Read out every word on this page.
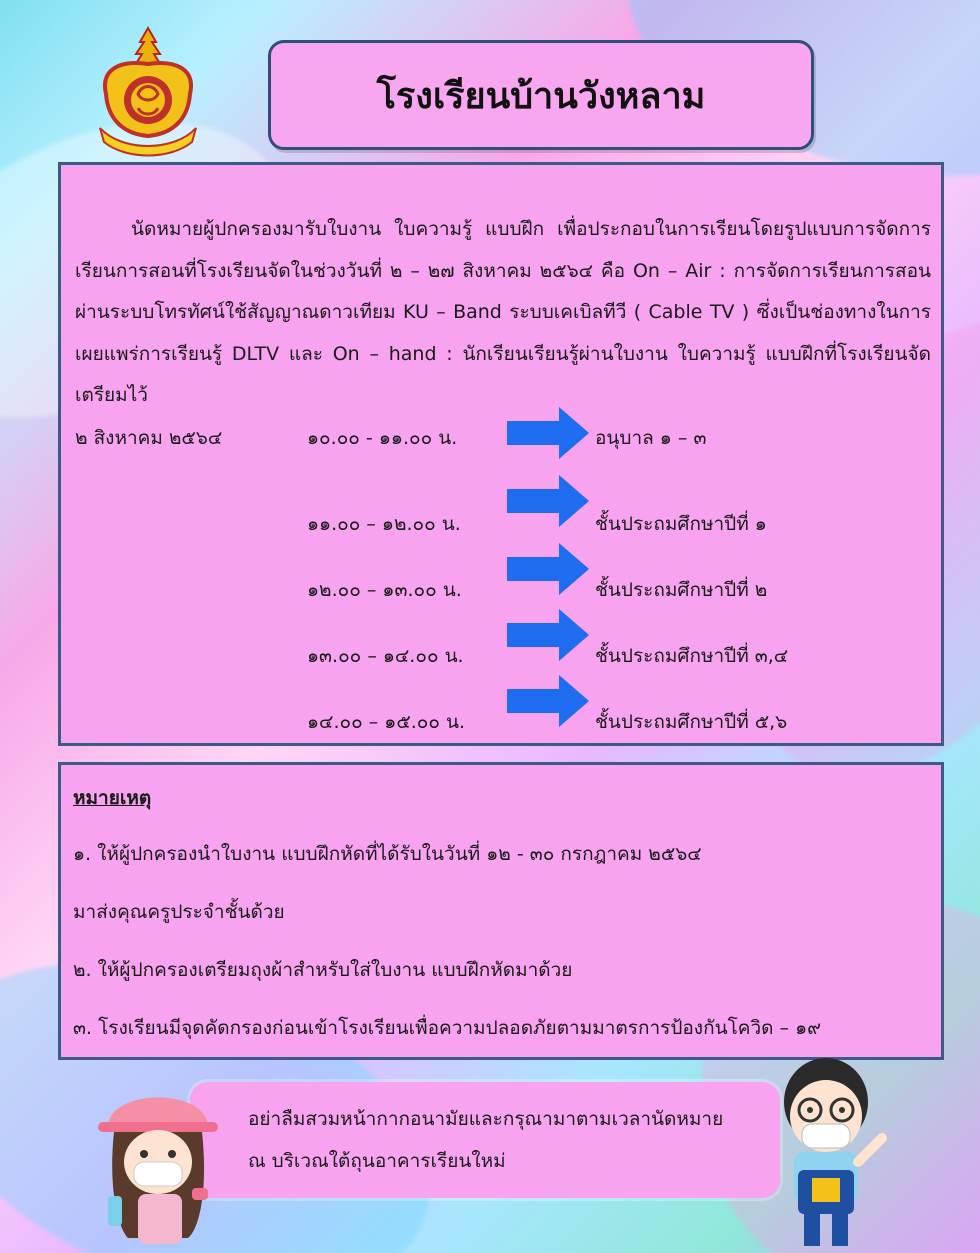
โรงเรียนบ้านวังหลาม

นัดหมายผู้ปกครองมารับใบงาน ใบความรู้ แบบฝึก เพื่อประกอบในการเรียนโดยรูปแบบการจัดการเรียนการสอนที่โรงเรียนจัดในช่วงวันที่ ๒ – ๒๗ สิงหาคม ๒๕๖๔ คือ On – Air : การจัดการเรียนการสอนผ่านระบบโทรทัศน์ใช้สัญญาณดาวเทียม KU – Band ระบบเคเบิลทีวี ( Cable TV ) ซึ่งเป็นช่องทางในการเผยแพร่การเรียนรู้ DLTV และ On – hand : นักเรียนเรียนรู้ผ่านใบงาน ใบความรู้ แบบฝึกที่โรงเรียนจัดเตรียมไว้

๒ สิงหาคม ๒๕๖๔	๑๐.๐๐ - ๑๑.๐๐ น.	อนุบาล ๑ – ๓
๑๑.๐๐ – ๑๒.๐๐ น.	ชั้นประถมศึกษาปีที่ ๑
๑๒.๐๐ – ๑๓.๐๐ น.	ชั้นประถมศึกษาปีที่ ๒
๑๓.๐๐ – ๑๔.๐๐ น.	ชั้นประถมศึกษาปีที่ ๓,๔
๑๔.๐๐ – ๑๕.๐๐ น.	ชั้นประถมศึกษาปีที่ ๕,๖
หมายเหตุ
๑. ให้ผู้ปกครองนำใบงาน แบบฝึกหัดที่ได้รับในวันที่ ๑๒ - ๓๐ กรกฎาคม ๒๕๖๔
มาส่งคุณครูประจำชั้นด้วย
๒. ให้ผู้ปกครองเตรียมถุงผ้าสำหรับใส่ใบงาน แบบฝึกหัดมาด้วย
๓. โรงเรียนมีจุดคัดกรองก่อนเข้าโรงเรียนเพื่อความปลอดภัยตามมาตรการป้องกันโควิด – ๑๙
อย่าลืมสวมหน้ากากอนามัยและกรุณามาตามเวลานัดหมาย
ณ บริเวณใต้ถุนอาคารเรียนใหม่
